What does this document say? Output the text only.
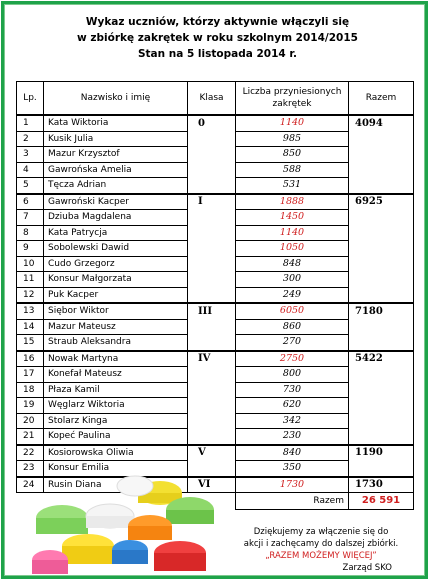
Wykaz uczniów, którzy aktywnie włączyli się
w zbiórkę zakrętek w roku szkolnym 2014/2015
Stan na 5 listopada 2014 r.
Lp.	Nazwisko i imię	Klasa	Liczba przyniesionych zakrętek	Razem
1	Kata Wiktoria	0	1140	4094
2	Kusik Julia		985	
3	Mazur Krzysztof		850	
4	Gawrońska Amelia		588	
5	Tęcza Adrian		531	
6	Gawroński Kacper	I	1888	6925
7	Dziuba Magdalena		1450	
8	Kata Patrycja		1140	
9	Sobolewski Dawid		1050	
10	Cudo Grzegorz		848	
11	Konsur Małgorzata		300	
12	Puk Kacper		249	
13	Siębor Wiktor	III	6050	7180
14	Mazur Mateusz		860	
15	Straub Aleksandra		270	
16	Nowak Martyna	IV	2750	5422
17	Konefał Mateusz		800	
18	Płaza Kamil		730	
19	Węglarz Wiktoria		620	
20	Stolarz Kinga		342	
21	Kopeć Paulina		230	
22	Kosiorowska Oliwia	V	840	1190
23	Konsur Emilia		350	
24	Rusin Diana	VI	1730	1730
			Razem	26 591
Dziękujemy za włączenie się do
akcji i zachęcamy do dalszej zbiórki.
„RAZEM MOŻEMY WIĘCEJ”
Zarząd SKO
